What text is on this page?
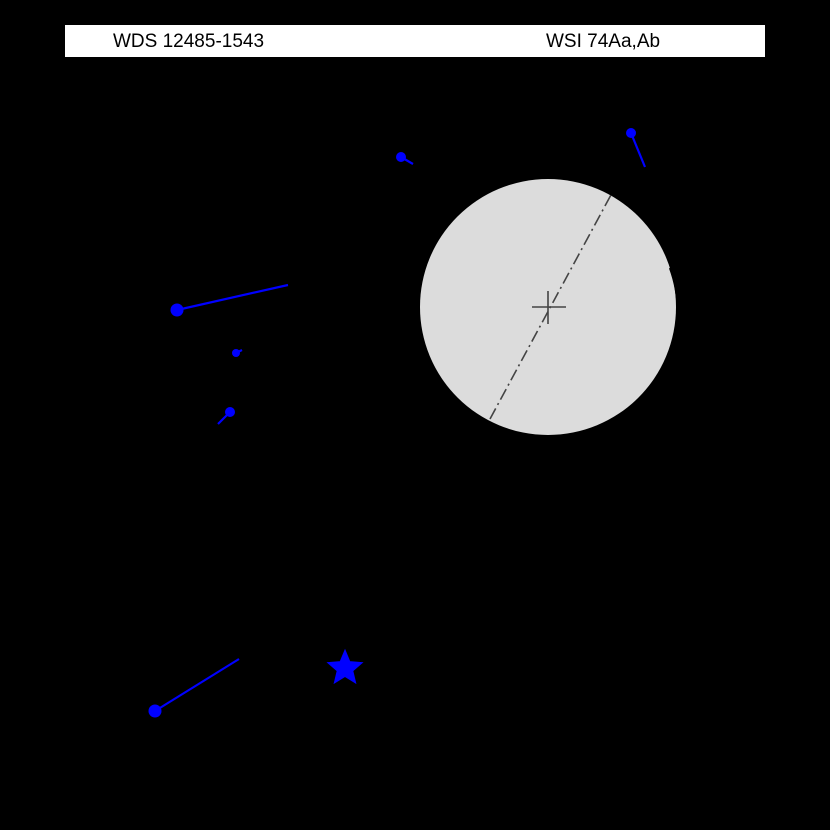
WDS 12485-1543	WSI 74Aa,Ab
